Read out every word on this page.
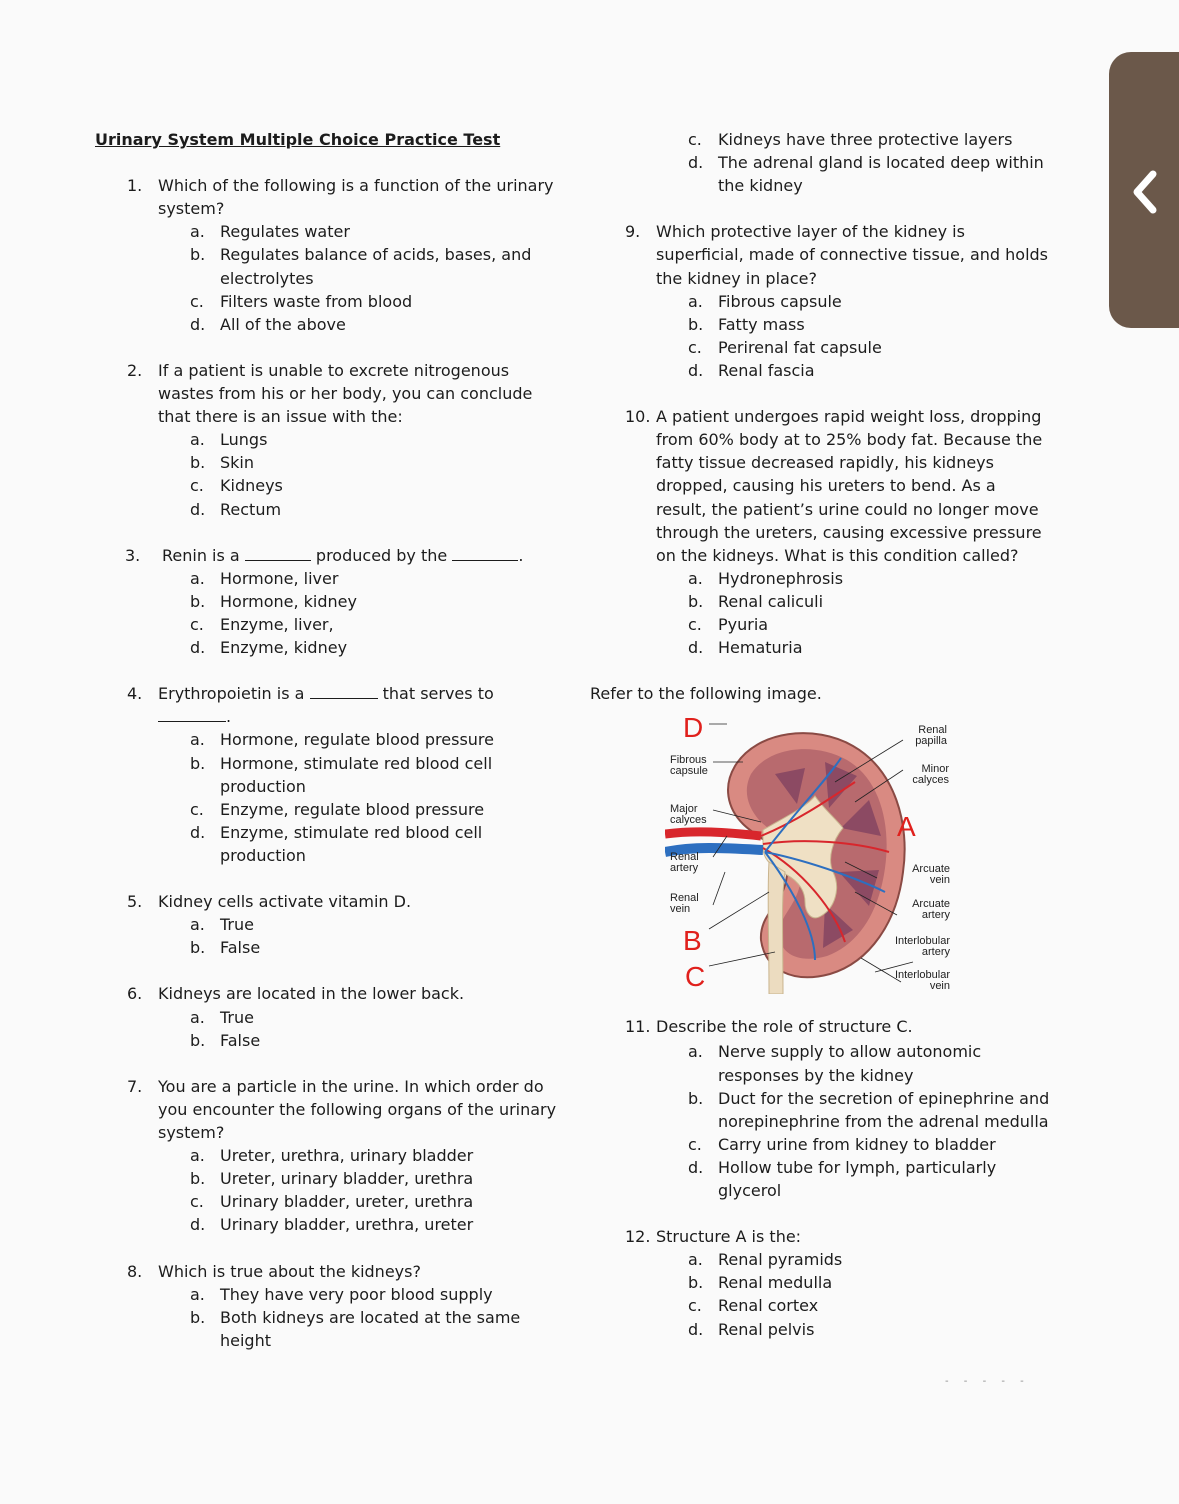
Urinary System Multiple Choice Practice Test

1. Which of the following is a function of the urinary system?
a. Regulates water
b. Regulates balance of acids, bases, and electrolytes
c. Filters waste from blood
d. All of the above
2. If a patient is unable to excrete nitrogenous wastes from his or her body, you can conclude that there is an issue with the:
a. Lungs
b. Skin
c. Kidneys
d. Rectum
3. Renin is a	produced by the	.
a. Hormone, liver
b. Hormone, kidney
c. Enzyme, liver,
d. Enzyme, kidney
4. Erythropoietin is a	that serves to
.
a. Hormone, regulate blood pressure
b. Hormone, stimulate red blood cell production
c. Enzyme, regulate blood pressure
d. Enzyme, stimulate red blood cell production
5. Kidney cells activate vitamin D.
a. True
b. False
6. Kidneys are located in the lower back.
a. True
b. False
7. You are a particle in the urine. In which order do you encounter the following organs of the urinary system?
a. Ureter, urethra, urinary bladder
b. Ureter, urinary bladder, urethra
c. Urinary bladder, ureter, urethra
d. Urinary bladder, urethra, ureter
8. Which is true about the kidneys?
a. They have very poor blood supply
b. Both kidneys are located at the same height
c. Kidneys have three protective layers
d. The adrenal gland is located deep within the kidney
9. Which protective layer of the kidney is superficial, made of connective tissue, and holds the kidney in place?
a. Fibrous capsule
b. Fatty mass
c. Perirenal fat capsule
d. Renal fascia
10. A patient undergoes rapid weight loss, dropping from 60% body at to 25% body fat. Because the fatty tissue decreased rapidly, his kidneys dropped, causing his ureters to bend. As a result, the patient’s urine could no longer move through the ureters, causing excessive pressure on the kidneys. What is this condition called?
a. Hydronephrosis
b. Renal caliculi
c. Pyuria
d. Hematuria
Refer to the following image.
11. Describe the role of structure C.
a. Nerve supply to allow autonomic responses by the kidney
b. Duct for the secretion of epinephrine and norepinephrine from the adrenal medulla
c. Carry urine from kidney to bladder
d. Hollow tube for lymph, particularly glycerol
12. Structure A is the:
a. Renal pyramids
b. Renal medulla
c. Renal cortex
d. Renal pelvis
D
A
B
C
Fibrous
capsule
Major
calyces
Renal
artery
Renal
vein
Renal
papilla
Minor
calyces
Arcuate
vein
Arcuate
artery
Interlobular
artery
Interlobular
vein
- - - - -
